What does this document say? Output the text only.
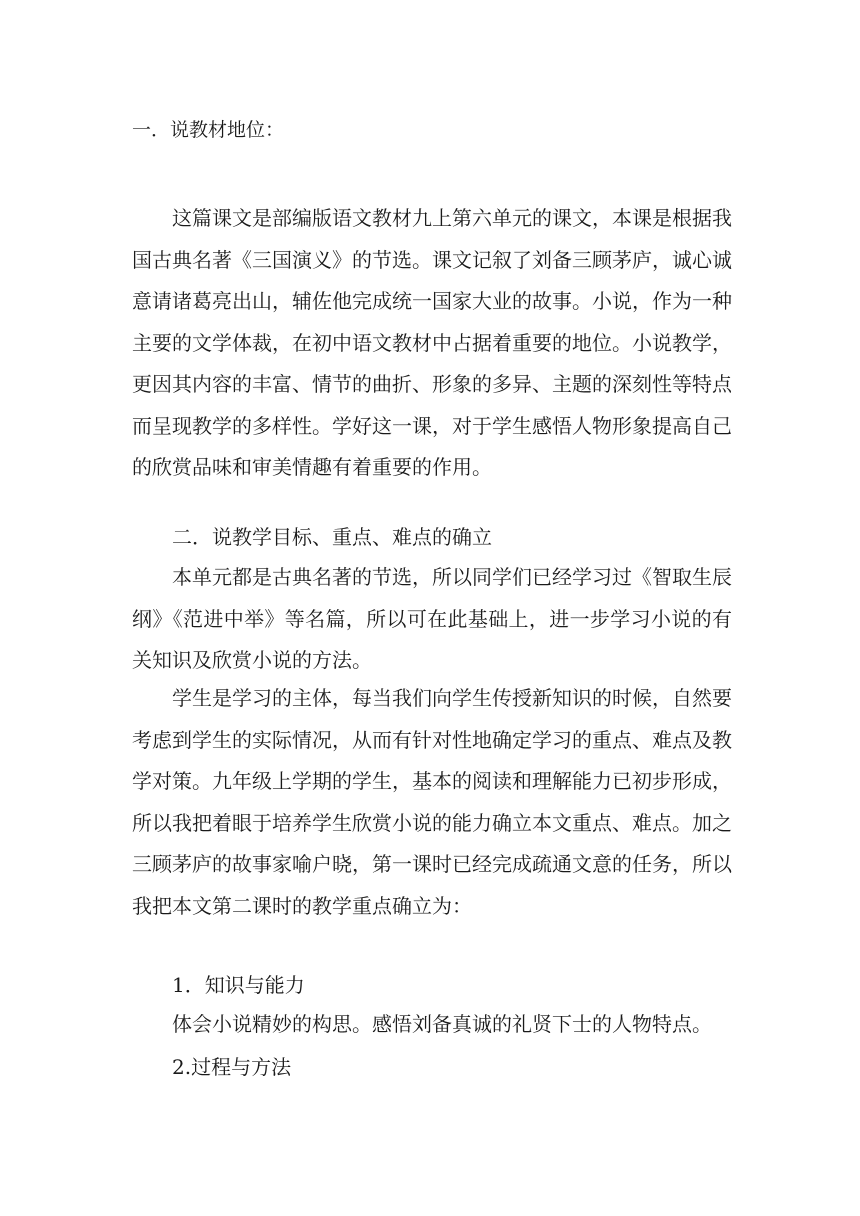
一．说教材地位：

这篇课文是部编版语文教材九上第六单元的课文，本课是根据我国古典名著《三国演义》的节选。课文记叙了刘备三顾茅庐，诚心诚意请诸葛亮出山，辅佐他完成统一国家大业的故事。小说，作为一种主要的文学体裁，在初中语文教材中占据着重要的地位。小说教学，更因其内容的丰富、情节的曲折、形象的多异、主题的深刻性等特点而呈现教学的多样性。学好这一课，对于学生感悟人物形象提高自己的欣赏品味和审美情趣有着重要的作用。

二．说教学目标、重点、难点的确立

本单元都是古典名著的节选，所以同学们已经学习过《智取生辰纲》《范进中举》等名篇，所以可在此基础上，进一步学习小说的有关知识及欣赏小说的方法。

学生是学习的主体，每当我们向学生传授新知识的时候，自然要考虑到学生的实际情况，从而有针对性地确定学习的重点、难点及教学对策。九年级上学期的学生，基本的阅读和理解能力已初步形成，所以我把着眼于培养学生欣赏小说的能力确立本文重点、难点。加之三顾茅庐的故事家喻户晓，第一课时已经完成疏通文意的任务，所以我把本文第二课时的教学重点确立为：

1．知识与能力

体会小说精妙的构思。感悟刘备真诚的礼贤下士的人物特点。

2.过程与方法
